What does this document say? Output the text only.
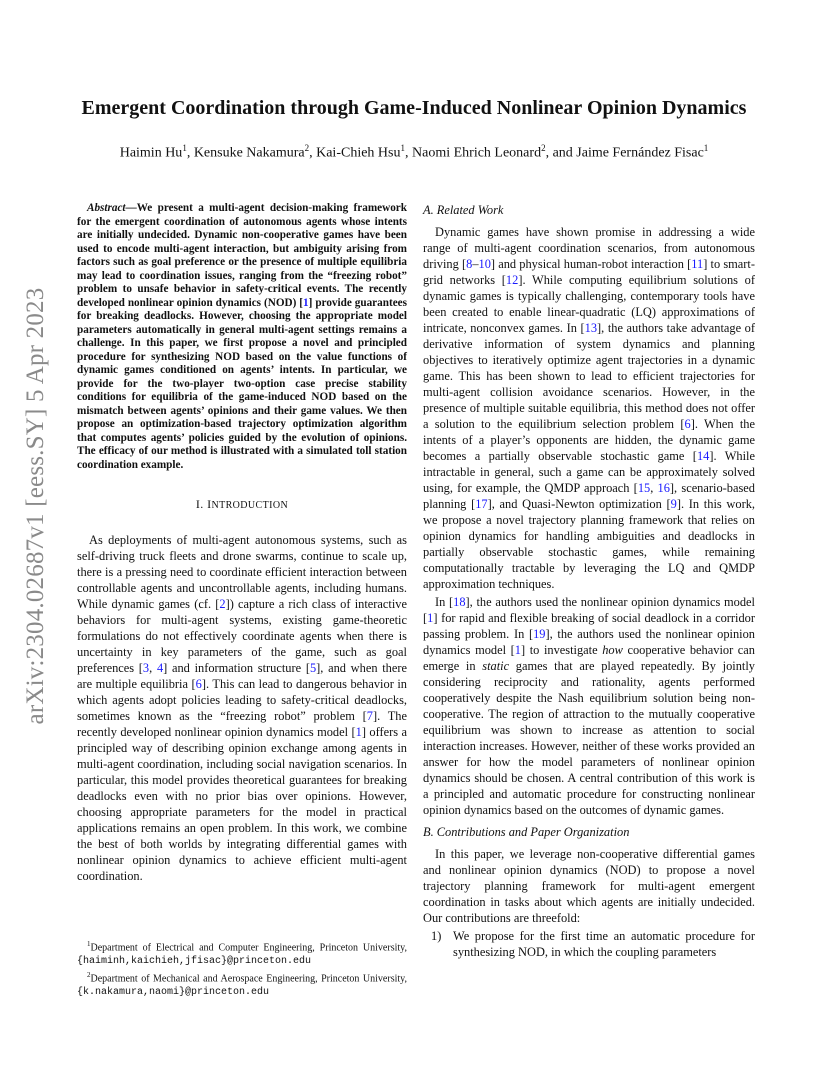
arXiv:2304.02687v1 [eess.SY] 5 Apr 2023
Emergent Coordination through Game-Induced Nonlinear Opinion Dynamics
Haimin Hu$^1$, Kensuke Nakamura$^2$, Kai-Chieh Hsu$^1$, Naomi Ehrich Leonard$^2$, and Jaime Fernández Fisac$^1$

Abstract—We present a multi-agent decision-making framework for the emergent coordination of autonomous agents whose intents are initially undecided. Dynamic non-cooperative games have been used to encode multi-agent interaction, but ambiguity arising from factors such as goal preference or the presence of multiple equilibria may lead to coordination issues, ranging from the “freezing robot” problem to unsafe behavior in safety-critical events. The recently developed nonlinear opinion dynamics (NOD) [1] provide guarantees for breaking deadlocks. However, choosing the appropriate model parameters automatically in general multi-agent settings remains a challenge. In this paper, we first propose a novel and principled procedure for synthesizing NOD based on the value functions of dynamic games conditioned on agents’ intents. In particular, we provide for the two-player two-option case precise stability conditions for equilibria of the game-induced NOD based on the mismatch between agents’ opinions and their game values. We then propose an optimization-based trajectory optimization algorithm that computes agents’ policies guided by the evolution of opinions. The efficacy of our method is illustrated with a simulated toll station coordination example.

I. INTRODUCTION

As deployments of multi-agent autonomous systems, such as self-driving truck fleets and drone swarms, continue to scale up, there is a pressing need to coordinate efficient interaction between controllable agents and uncontrollable agents, including humans. While dynamic games (cf. [2]) capture a rich class of interactive behaviors for multi-agent systems, existing game-theoretic formulations do not effectively coordinate agents when there is uncertainty in key parameters of the game, such as goal preferences [3, 4] and information structure [5], and when there are multiple equilibria [6]. This can lead to dangerous behavior in which agents adopt policies leading to safety-critical deadlocks, sometimes known as the “freezing robot” problem [7]. The recently developed nonlinear opinion dynamics model [1] offers a principled way of describing opinion exchange among agents in multi-agent coordination, including social navigation scenarios. In particular, this model provides theoretical guarantees for breaking deadlocks even with no prior bias over opinions. However, choosing appropriate parameters for the model in practical applications remains an open problem. In this work, we combine the best of both worlds by integrating differential games with nonlinear opinion dynamics to achieve efficient multi-agent coordination.

$^1$Department of Electrical and Computer Engineering, Princeton University, {haiminh,kaichieh,jfisac}@princeton.edu

$^2$Department of Mechanical and Aerospace Engineering, Princeton University, {k.nakamura,naomi}@princeton.edu

A. Related Work

Dynamic games have shown promise in addressing a wide range of multi-agent coordination scenarios, from autonomous driving [8–10] and physical human-robot interaction [11] to smart-grid networks [12]. While computing equilibrium solutions of dynamic games is typically challenging, contemporary tools have been created to enable linear-quadratic (LQ) approximations of intricate, nonconvex games. In [13], the authors take advantage of derivative information of system dynamics and planning objectives to iteratively optimize agent trajectories in a dynamic game. This has been shown to lead to efficient trajectories for multi-agent collision avoidance scenarios. However, in the presence of multiple suitable equilibria, this method does not offer a solution to the equilibrium selection problem [6]. When the intents of a player’s opponents are hidden, the dynamic game becomes a partially observable stochastic game [14]. While intractable in general, such a game can be approximately solved using, for example, the QMDP approach [15, 16], scenario-based planning [17], and Quasi-Newton optimization [9]. In this work, we propose a novel trajectory planning framework that relies on opinion dynamics for handling ambiguities and deadlocks in partially observable stochastic games, while remaining computationally tractable by leveraging the LQ and QMDP approximation techniques.

In [18], the authors used the nonlinear opinion dynamics model [1] for rapid and flexible breaking of social deadlock in a corridor passing problem. In [19], the authors used the nonlinear opinion dynamics model [1] to investigate how cooperative behavior can emerge in static games that are played repeatedly. By jointly considering reciprocity and rationality, agents performed cooperatively despite the Nash equilibrium solution being non-cooperative. The region of attraction to the mutually cooperative equilibrium was shown to increase as attention to social interaction increases. However, neither of these works provided an answer for how the model parameters of nonlinear opinion dynamics should be chosen. A central contribution of this work is a principled and automatic procedure for constructing nonlinear opinion dynamics based on the outcomes of dynamic games.

B. Contributions and Paper Organization

In this paper, we leverage non-cooperative differential games and nonlinear opinion dynamics (NOD) to propose a novel trajectory planning framework for multi-agent emergent coordination in tasks about which agents are initially undecided. Our contributions are threefold:

1) We propose for the first time an automatic procedure for synthesizing NOD, in which the coupling parameters
